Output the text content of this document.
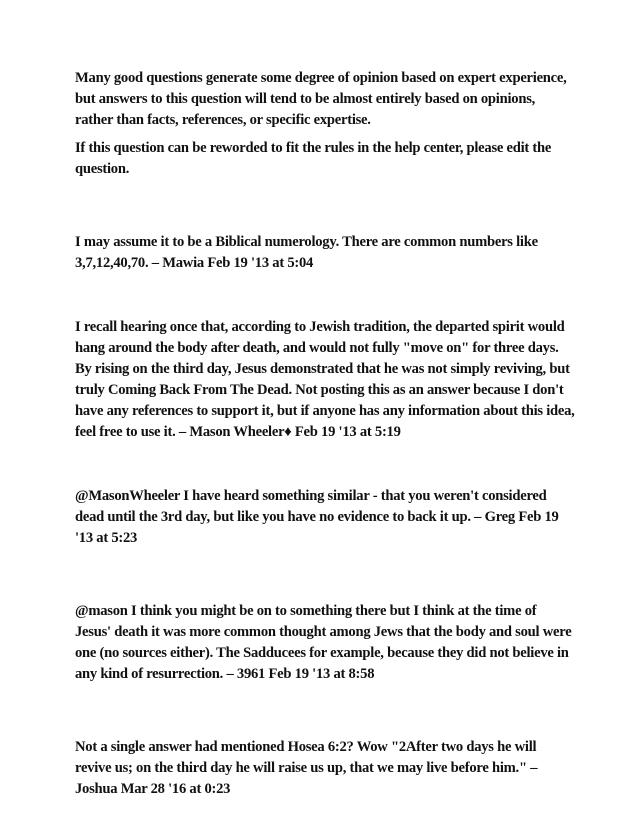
Many good questions generate some degree of opinion based on expert experience, but answers to this question will tend to be almost entirely based on opinions, rather than facts, references, or specific expertise.

If this question can be reworded to fit the rules in the help center, please edit the question.

I may assume it to be a Biblical numerology. There are common numbers like 3,7,12,40,70. – Mawia Feb 19 '13 at 5:04

I recall hearing once that, according to Jewish tradition, the departed spirit would hang around the body after death, and would not fully "move on" for three days. By rising on the third day, Jesus demonstrated that he was not simply reviving, but truly Coming Back From The Dead. Not posting this as an answer because I don't have any references to support it, but if anyone has any information about this idea, feel free to use it. – Mason Wheeler♦ Feb 19 '13 at 5:19

@MasonWheeler I have heard something similar - that you weren't considered dead until the 3rd day, but like you have no evidence to back it up. – Greg Feb 19 '13 at 5:23

@mason I think you might be on to something there but I think at the time of Jesus' death it was more common thought among Jews that the body and soul were one (no sources either). The Sadducees for example, because they did not believe in any kind of resurrection. – 3961 Feb 19 '13 at 8:58

Not a single answer had mentioned Hosea 6:2? Wow "2After two days he will revive us; on the third day he will raise us up, that we may live before him." – Joshua Mar 28 '16 at 0:23
